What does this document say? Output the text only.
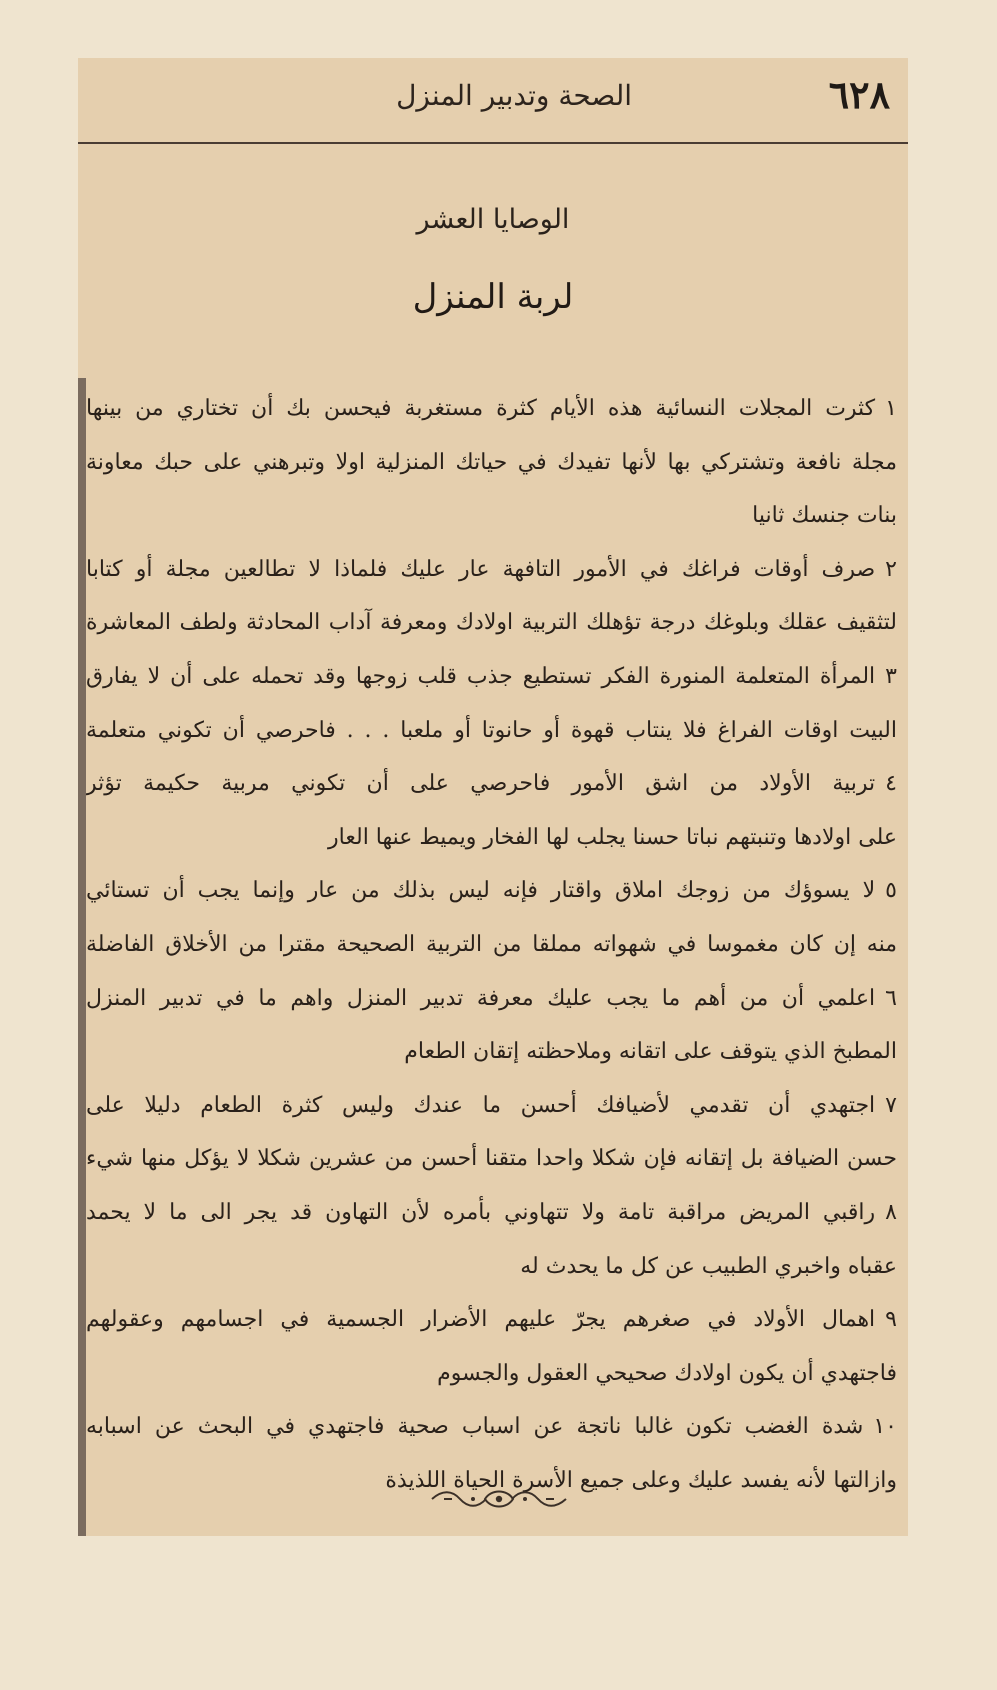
٦٢٨
الصحة وتدبير المنزل
الوصايا العشر
لربة المنزل
١كثرت المجلات النسائية هذه الأيام كثرة مستغربة فيحسن بك أن تختاري من بينها
مجلة نافعة وتشتركي بها لأنها تفيدك في حياتك المنزلية اولا وتبرهني على حبك معاونة
بنات جنسك ثانيا
٢صرف أوقات فراغك في الأمور التافهة عار عليك فلماذا لا تطالعين مجلة أو كتابا
لتثقيف عقلك وبلوغك درجة تؤهلك التربية اولادك ومعرفة آداب المحادثة ولطف المعاشرة
٣المرأة المتعلمة المنورة الفكر تستطيع جذب قلب زوجها وقد تحمله على أن لا يفارق
البيت اوقات الفراغ فلا ينتاب قهوة أو حانوتا أو ملعبا . . . فاحرصي أن تكوني متعلمة
٤تربية الأولاد من اشق الأمور فاحرصي على أن تكوني مربية حكيمة تؤثر
على اولادها وتنبتهم نباتا حسنا يجلب لها الفخار ويميط عنها العار
٥لا يسوؤك من زوجك املاق واقتار فإنه ليس بذلك من عار وإنما يجب أن تستائي
منه إن كان مغموسا في شهواته مملقا من التربية الصحيحة مقترا من الأخلاق الفاضلة
٦اعلمي أن من أهم ما يجب عليك معرفة تدبير المنزل واهم ما في تدبير المنزل
المطبخ الذي يتوقف على اتقانه وملاحظته إتقان الطعام
٧اجتهدي أن تقدمي لأضيافك أحسن ما عندك وليس كثرة الطعام دليلا على
حسن الضيافة بل إتقانه فإن شكلا واحدا متقنا أحسن من عشرين شكلا لا يؤكل منها شيء
٨راقبي المريض مراقبة تامة ولا تتهاوني بأمره لأن التهاون قد يجر الى ما لا يحمد
عقباه واخبري الطبيب عن كل ما يحدث له
٩اهمال الأولاد في صغرهم يجرّ عليهم الأضرار الجسمية في اجسامهم وعقولهم
فاجتهدي أن يكون اولادك صحيحي العقول والجسوم
١٠شدة الغضب تكون غالبا ناتجة عن اسباب صحية فاجتهدي في البحث عن اسبابه
وازالتها لأنه يفسد عليك وعلى جميع الأسرة الحياة اللذيذة
